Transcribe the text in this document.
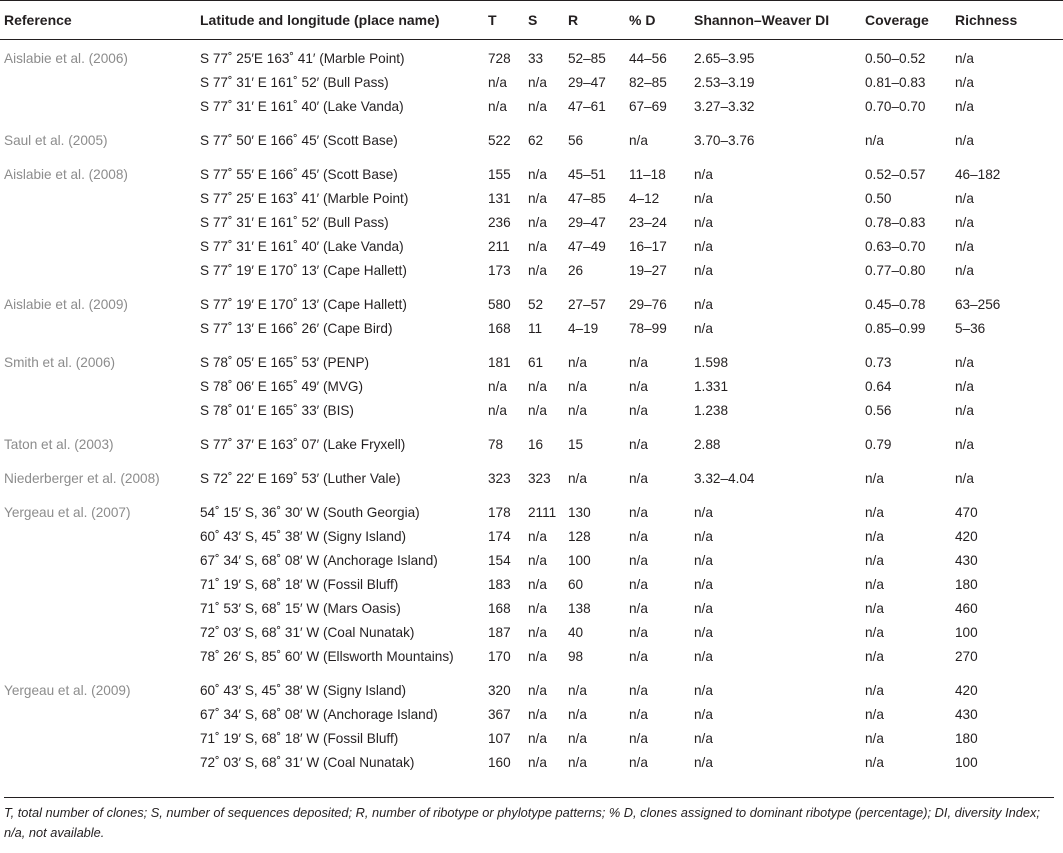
Reference	Latitude and longitude (place name)	T	S	R	% D	Shannon–Weaver DI	Coverage	Richness
Aislabie et al. (2006)	S 77˚ 25′E 163˚ 41′ (Marble Point)	728	33	52–85	44–56	2.65–3.95	0.50–0.52	n/a
	S 77˚ 31′ E 161˚ 52′ (Bull Pass)	n/a	n/a	29–47	82–85	2.53–3.19	0.81–0.83	n/a
	S 77˚ 31′ E 161˚ 40′ (Lake Vanda)	n/a	n/a	47–61	67–69	3.27–3.32	0.70–0.70	n/a
Saul et al. (2005)	S 77˚ 50′ E 166˚ 45′ (Scott Base)	522	62	56	n/a	3.70–3.76	n/a	n/a
Aislabie et al. (2008)	S 77˚ 55′ E 166˚ 45′ (Scott Base)	155	n/a	45–51	11–18	n/a	0.52–0.57	46–182
	S 77˚ 25′ E 163˚ 41′ (Marble Point)	131	n/a	47–85	4–12	n/a	0.50	n/a
	S 77˚ 31′ E 161˚ 52′ (Bull Pass)	236	n/a	29–47	23–24	n/a	0.78–0.83	n/a
	S 77˚ 31′ E 161˚ 40′ (Lake Vanda)	211	n/a	47–49	16–17	n/a	0.63–0.70	n/a
	S 77˚ 19′ E 170˚ 13′ (Cape Hallett)	173	n/a	26	19–27	n/a	0.77–0.80	n/a
Aislabie et al. (2009)	S 77˚ 19′ E 170˚ 13′ (Cape Hallett)	580	52	27–57	29–76	n/a	0.45–0.78	63–256
	S 77˚ 13′ E 166˚ 26′ (Cape Bird)	168	11	4–19	78–99	n/a	0.85–0.99	5–36
Smith et al. (2006)	S 78˚ 05′ E 165˚ 53′ (PENP)	181	61	n/a	n/a	1.598	0.73	n/a
	S 78˚ 06′ E 165˚ 49′ (MVG)	n/a	n/a	n/a	n/a	1.331	0.64	n/a
	S 78˚ 01′ E 165˚ 33′ (BIS)	n/a	n/a	n/a	n/a	1.238	0.56	n/a
Taton et al. (2003)	S 77˚ 37′ E 163˚ 07′ (Lake Fryxell)	78	16	15	n/a	2.88	0.79	n/a
Niederberger et al. (2008)	S 72˚ 22′ E 169˚ 53′ (Luther Vale)	323	323	n/a	n/a	3.32–4.04	n/a	n/a
Yergeau et al. (2007)	54˚ 15′ S, 36˚ 30′ W (South Georgia)	178	2111	130	n/a	n/a	n/a	470
	60˚ 43′ S, 45˚ 38′ W (Signy Island)	174	n/a	128	n/a	n/a	n/a	420
	67˚ 34′ S, 68˚ 08′ W (Anchorage Island)	154	n/a	100	n/a	n/a	n/a	430
	71˚ 19′ S, 68˚ 18′ W (Fossil Bluff)	183	n/a	60	n/a	n/a	n/a	180
	71˚ 53′ S, 68˚ 15′ W (Mars Oasis)	168	n/a	138	n/a	n/a	n/a	460
	72˚ 03′ S, 68˚ 31′ W (Coal Nunatak)	187	n/a	40	n/a	n/a	n/a	100
	78˚ 26′ S, 85˚ 60′ W (Ellsworth Mountains)	170	n/a	98	n/a	n/a	n/a	270
Yergeau et al. (2009)	60˚ 43′ S, 45˚ 38′ W (Signy Island)	320	n/a	n/a	n/a	n/a	n/a	420
	67˚ 34′ S, 68˚ 08′ W (Anchorage Island)	367	n/a	n/a	n/a	n/a	n/a	430
	71˚ 19′ S, 68˚ 18′ W (Fossil Bluff)	107	n/a	n/a	n/a	n/a	n/a	180
	72˚ 03′ S, 68˚ 31′ W (Coal Nunatak)	160	n/a	n/a	n/a	n/a	n/a	100

T, total number of clones; S, number of sequences deposited; R, number of ribotype or phylotype patterns; % D, clones assigned to dominant ribotype (percentage); DI, diversity Index; n/a, not available.
